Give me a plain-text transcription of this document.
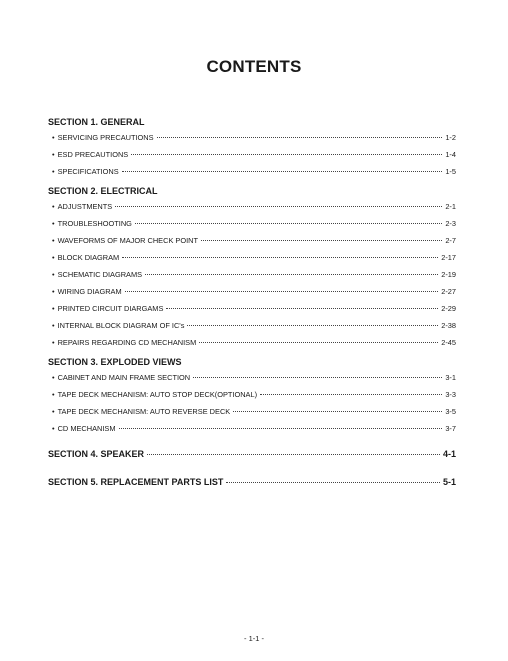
CONTENTS
SECTION 1. GENERAL
• SERVICING PRECAUTIONS	1-2
• ESD PRECAUTIONS	1-4
• SPECIFICATIONS	1-5
SECTION 2. ELECTRICAL
• ADJUSTMENTS	2-1
• TROUBLESHOOTING	2-3
• WAVEFORMS OF MAJOR CHECK POINT	2-7
• BLOCK DIAGRAM	2-17
• SCHEMATIC DIAGRAMS	2-19
• WIRING DIAGRAM	2-27
• PRINTED CIRCUIT DIARGAMS	2-29
• INTERNAL BLOCK DIAGRAM OF IC's	2-38
• REPAIRS REGARDING CD MECHANISM	2-45
SECTION 3. EXPLODED VIEWS
• CABINET AND MAIN FRAME SECTION	3-1
• TAPE DECK MECHANISM: AUTO STOP DECK(OPTIONAL)	3-3
• TAPE DECK MECHANISM: AUTO REVERSE DECK	3-5
• CD MECHANISM	3-7
SECTION 4. SPEAKER	4-1
SECTION 5. REPLACEMENT PARTS LIST	5-1
- 1-1 -
